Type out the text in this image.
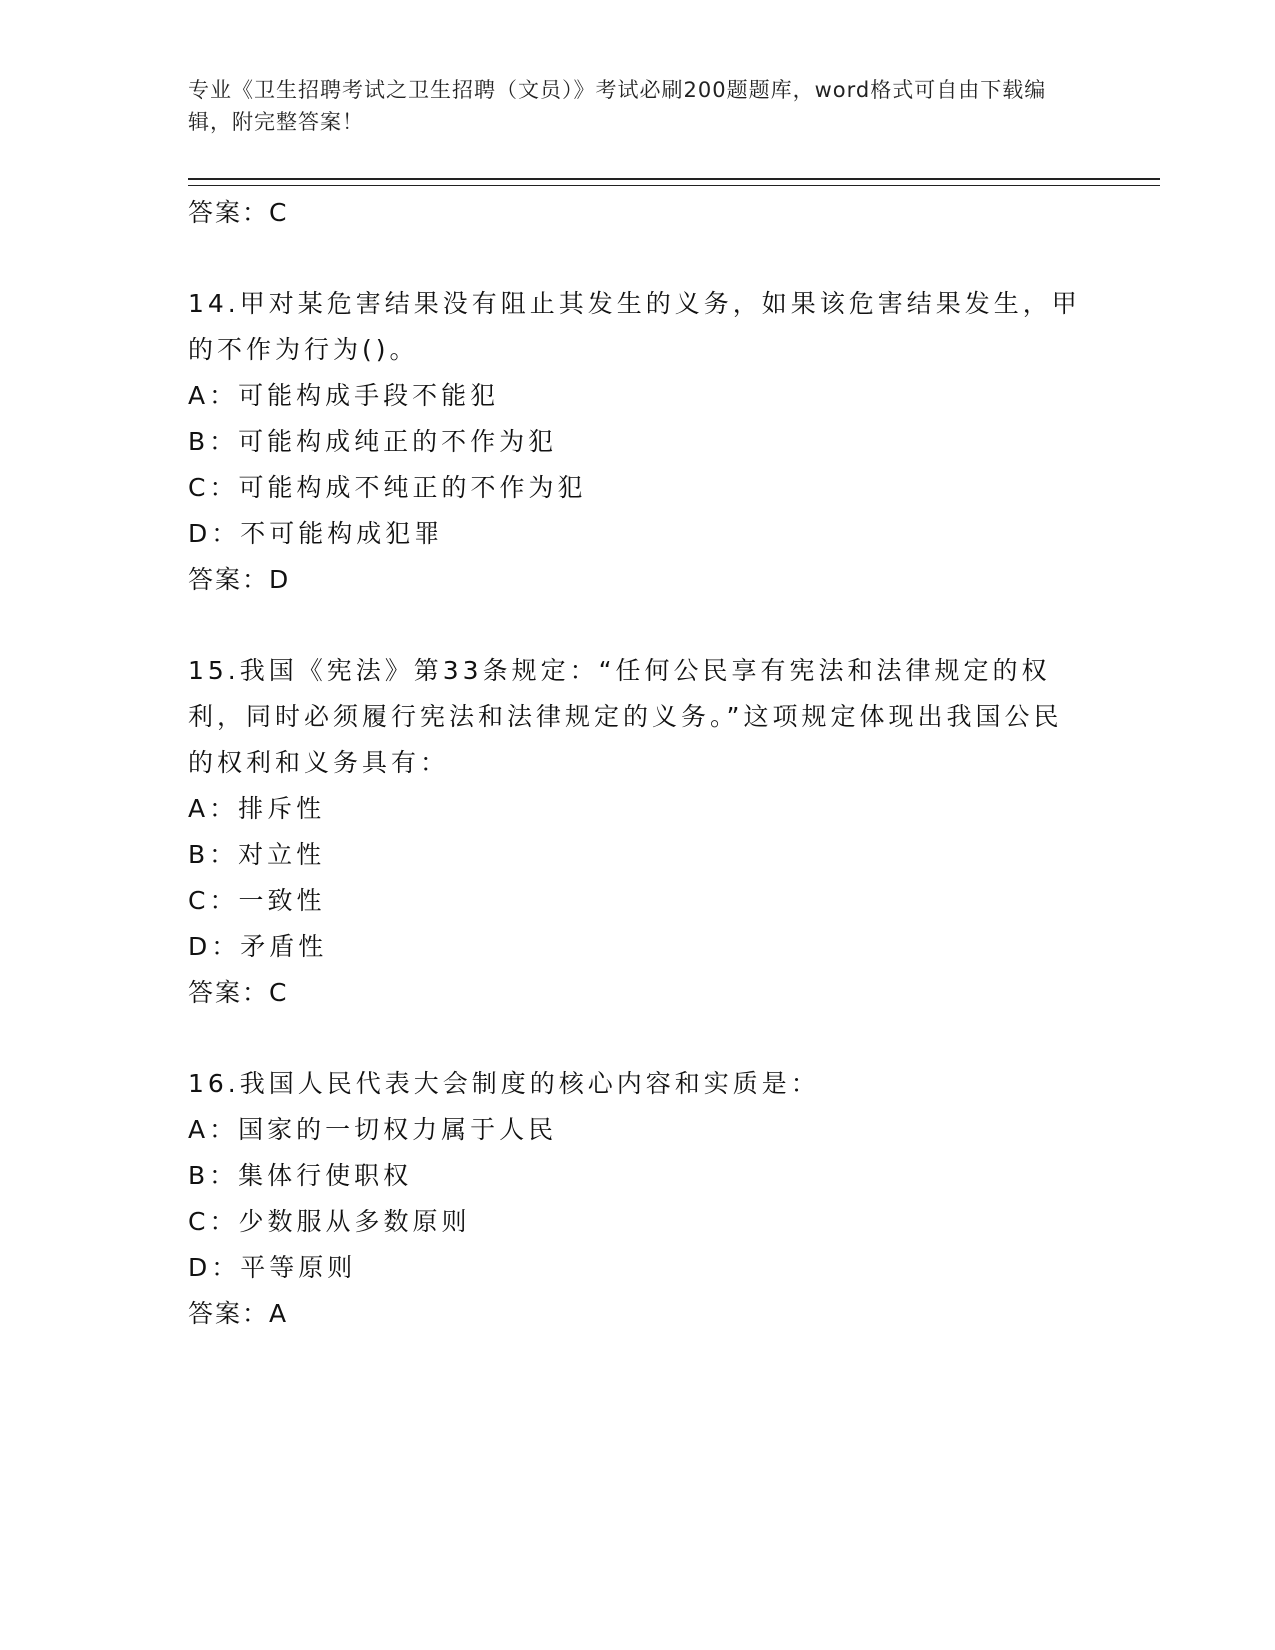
专业《卫生招聘考试之卫生招聘（文员）》考试必刷200题题库，word格式可自由下载编辑，附完整答案！
答案：C
14.甲对某危害结果没有阻止其发生的义务，如果该危害结果发生，甲的不作为行为()。
A：可能构成手段不能犯
B：可能构成纯正的不作为犯
C：可能构成不纯正的不作为犯
D：不可能构成犯罪
答案：D
15.我国《宪法》第33条规定：“任何公民享有宪法和法律规定的权利，同时必须履行宪法和法律规定的义务。”这项规定体现出我国公民的权利和义务具有：
A：排斥性
B：对立性
C：一致性
D：矛盾性
答案：C
16.我国人民代表大会制度的核心内容和实质是：
A：国家的一切权力属于人民
B：集体行使职权
C：少数服从多数原则
D：平等原则
答案：A
